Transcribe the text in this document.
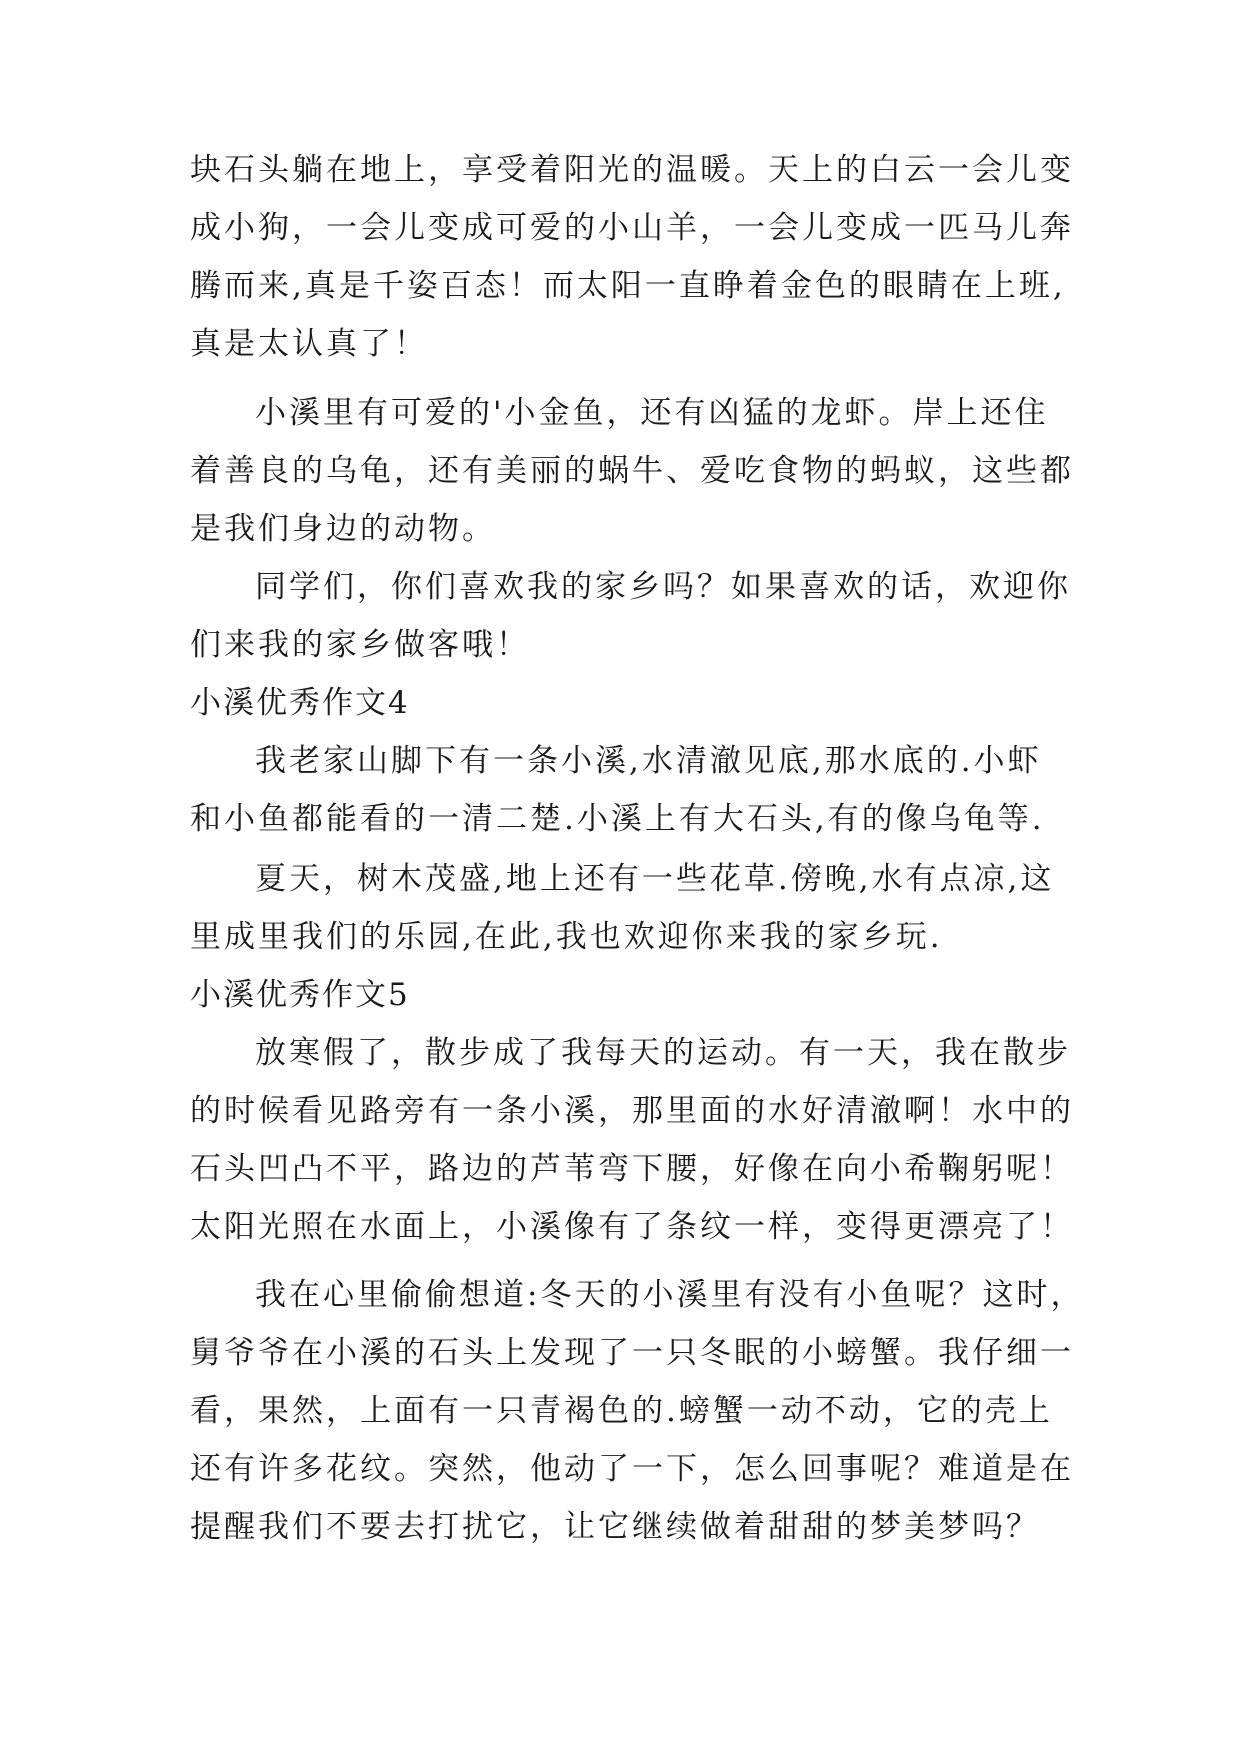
块石头躺在地上，享受着阳光的温暖。天上的白云一会儿变
成小狗，一会儿变成可爱的小山羊，一会儿变成一匹马儿奔
腾而来,真是千姿百态！而太阳一直睁着金色的眼睛在上班,
真是太认真了！
小溪里有可爱的'小金鱼，还有凶猛的龙虾。岸上还住
着善良的乌龟，还有美丽的蜗牛、爱吃食物的蚂蚁，这些都
是我们身边的动物。
同学们，你们喜欢我的家乡吗？如果喜欢的话，欢迎你
们来我的家乡做客哦！
小溪优秀作文4
我老家山脚下有一条小溪,水清澈见底,那水底的.小虾
和小鱼都能看的一清二楚.小溪上有大石头,有的像乌龟等.
夏天，树木茂盛,地上还有一些花草.傍晚,水有点凉,这
里成里我们的乐园,在此,我也欢迎你来我的家乡玩.
小溪优秀作文5
放寒假了，散步成了我每天的运动。有一天，我在散步
的时候看见路旁有一条小溪，那里面的水好清澈啊！水中的
石头凹凸不平，路边的芦苇弯下腰，好像在向小希鞠躬呢！
太阳光照在水面上，小溪像有了条纹一样，变得更漂亮了！
我在心里偷偷想道:冬天的小溪里有没有小鱼呢？这时，
舅爷爷在小溪的石头上发现了一只冬眠的小螃蟹。我仔细一
看，果然，上面有一只青褐色的.螃蟹一动不动，它的壳上
还有许多花纹。突然，他动了一下，怎么回事呢？难道是在
提醒我们不要去打扰它，让它继续做着甜甜的梦美梦吗？
